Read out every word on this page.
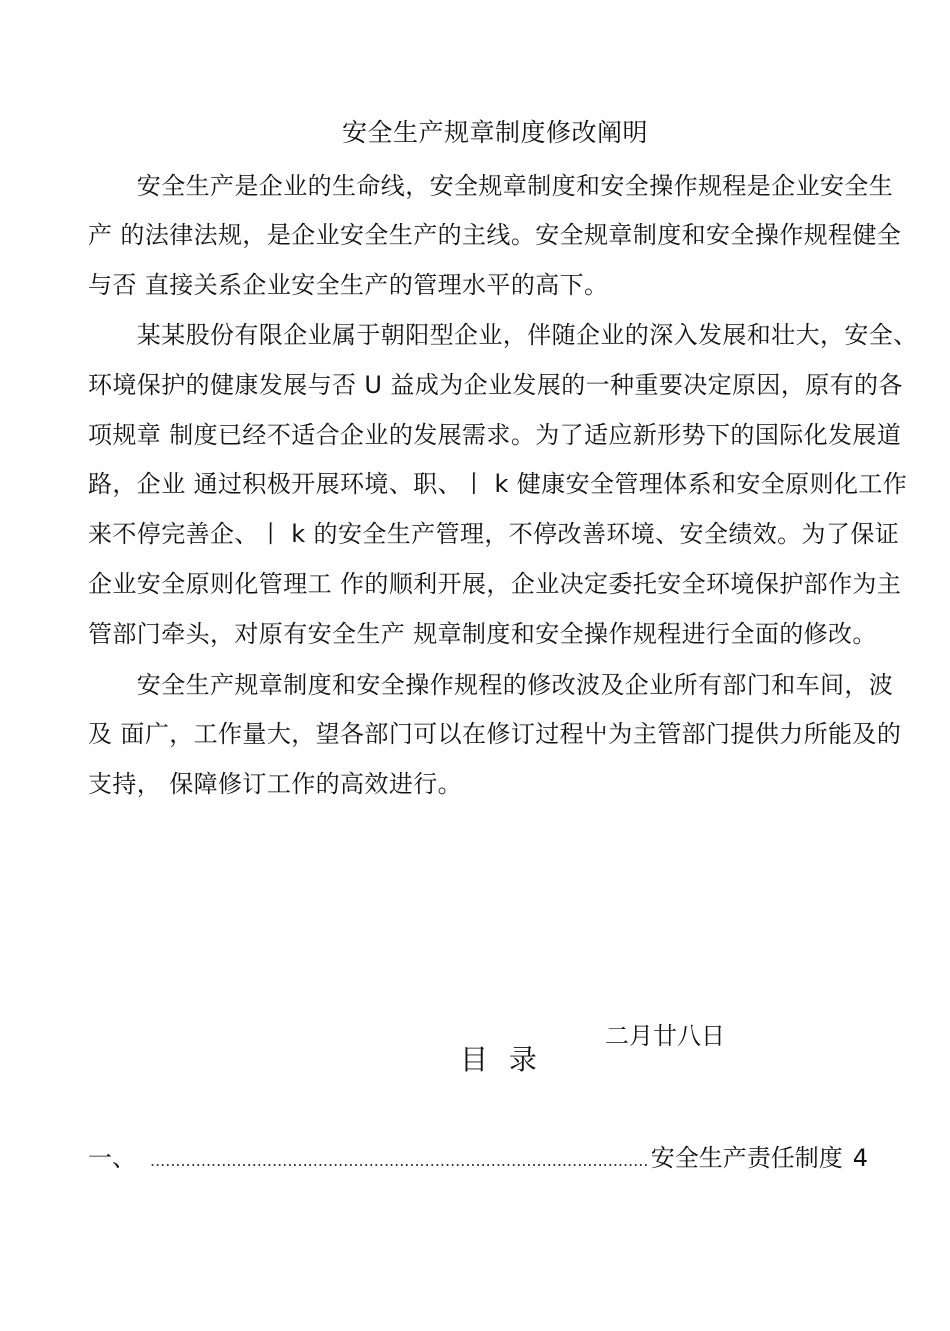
安全生产规章制度修改阐明
　　安全生产是企业的生命线，安全规章制度和安全操作规程是企业安全生
产 的法律法规，是企业安全生产的主线。安全规章制度和安全操作规程健全
与否 直接关系企业安全生产的管理水平的高下。
　　某某股份有限企业属于朝阳型企业，伴随企业的深入发展和壮大，安全、
环境保护的健康发展与否 U 益成为企业发展的一种重要决定原因，原有的各
项规章 制度已经不适合企业的发展需求。为了适应新形势下的国际化发展道
路，企业 通过积极开展环境、职、丨 k 健康安全管理体系和安全原则化工作
来不停完善企、丨 k 的安全生产管理，不停改善环境、安全绩效。为了保证
企业安全原则化管理工 作的顺利开展，企业决定委托安全环境保护部作为主
管部门牵头，对原有安全生产 规章制度和安全操作规程进行全面的修改。
　　安全生产规章制度和安全操作规程的修改波及企业所有部门和车间，波
及 面广，工作量大，望各部门可以在修订过程屮为主管部门提供力所能及的
支持， 保障修订工作的高效进行。
二月廿八日
目 录
一、
.....	安全生产责任制度 4
